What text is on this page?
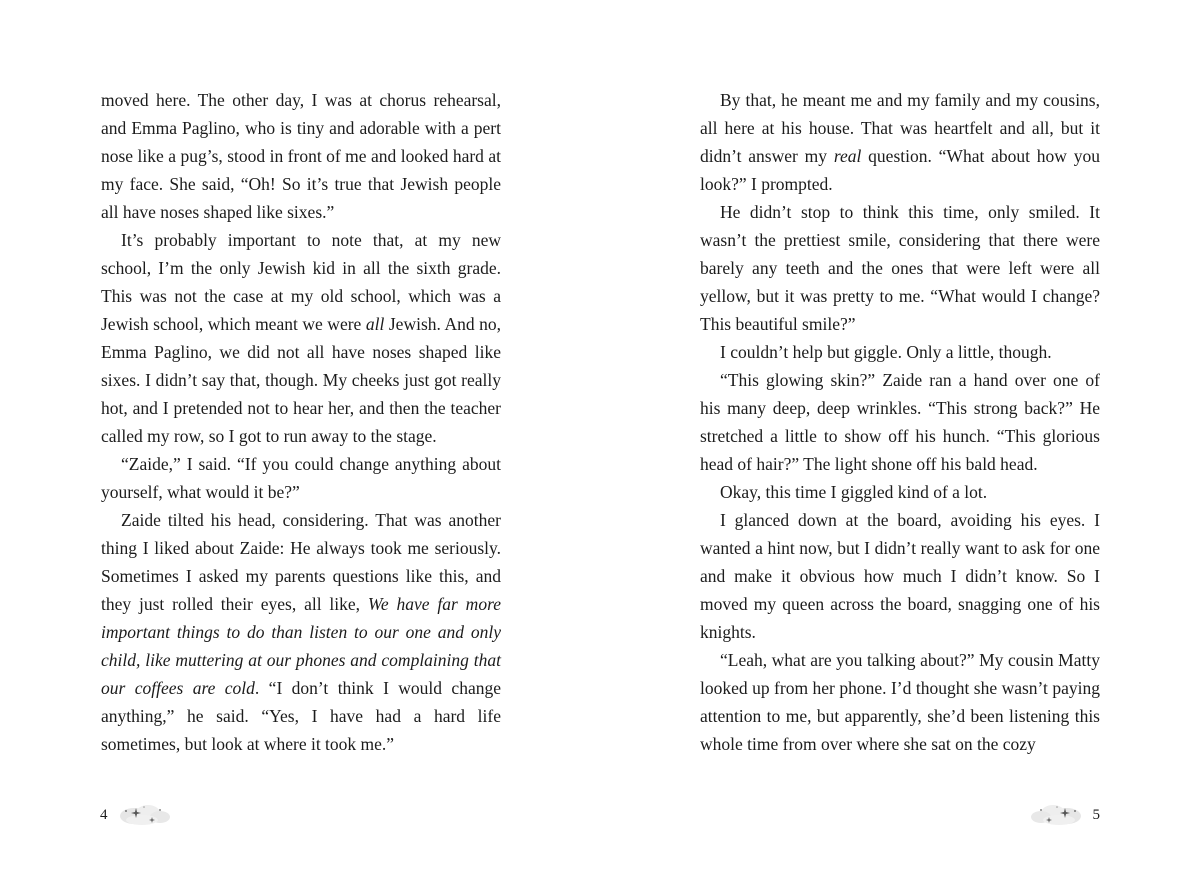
moved here. The other day, I was at chorus rehearsal, and Emma Paglino, who is tiny and adorable with a pert nose like a pug’s, stood in front of me and looked hard at my face. She said, “Oh! So it’s true that Jewish people all have noses shaped like sixes.”

It’s probably important to note that, at my new school, I’m the only Jewish kid in all the sixth grade. This was not the case at my old school, which was a Jewish school, which meant we were all Jewish. And no, Emma Paglino, we did not all have noses shaped like sixes. I didn’t say that, though. My cheeks just got really hot, and I pretended not to hear her, and then the teacher called my row, so I got to run away to the stage.

“Zaide,” I said. “If you could change anything about yourself, what would it be?”

Zaide tilted his head, considering. That was another thing I liked about Zaide: He always took me seriously. Sometimes I asked my parents questions like this, and they just rolled their eyes, all like, We have far more important things to do than listen to our one and only child, like muttering at our phones and complaining that our coffees are cold. “I don’t think I would change anything,” he said. “Yes, I have had a hard life sometimes, but look at where it took me.”

By that, he meant me and my family and my cousins, all here at his house. That was heartfelt and all, but it didn’t answer my real question. “What about how you look?” I prompted.

He didn’t stop to think this time, only smiled. It wasn’t the prettiest smile, considering that there were barely any teeth and the ones that were left were all yellow, but it was pretty to me. “What would I change? This beautiful smile?”

I couldn’t help but giggle. Only a little, though.

“This glowing skin?” Zaide ran a hand over one of his many deep, deep wrinkles. “This strong back?” He stretched a little to show off his hunch. “This glorious head of hair?” The light shone off his bald head.

Okay, this time I giggled kind of a lot.

I glanced down at the board, avoiding his eyes. I wanted a hint now, but I didn’t really want to ask for one and make it obvious how much I didn’t know. So I moved my queen across the board, snagging one of his knights.

“Leah, what are you talking about?” My cousin Matty looked up from her phone. I’d thought she wasn’t paying attention to me, but apparently, she’d been listening this whole time from over where she sat on the cozy

4	5
